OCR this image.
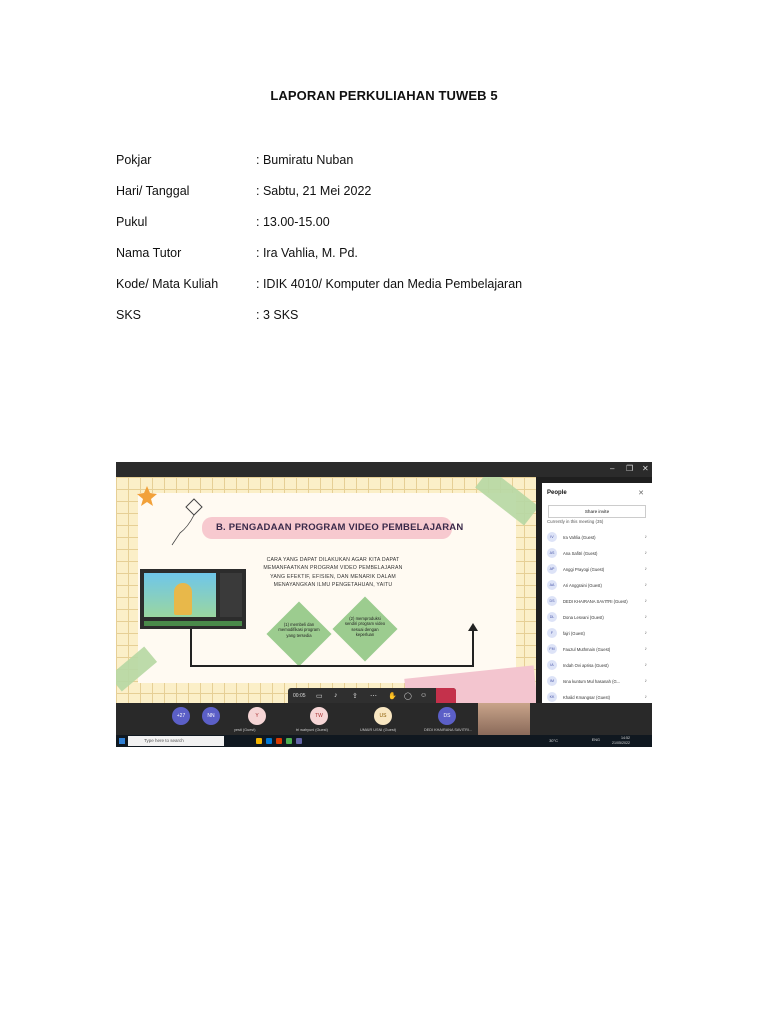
LAPORAN PERKULIAHAN TUWEB 5
Pokjar	: Bumiratu Nuban
Hari/ Tanggal	: Sabtu, 21 Mei 2022
Pukul	: 13.00-15.00
Nama Tutor	: Ira Vahlia, M. Pd.
Kode/ Mata Kuliah	: IDIK 4010/ Komputer dan Media Pembelajaran
SKS	: 3 SKS
– ❐ ✕
B. PENGADAAN PROGRAM VIDEO PEMBELAJARAN
CARA YANG DAPAT DILAKUKAN AGAR KITA DAPAT MEMANFAATKAN PROGRAM VIDEO PEMBELAJARAN YANG EFEKTIF, EFISIEN, DAN MENARIK DALAM MENAYANGKAN ILMU PENGETAHUAN, YAITU
(1) membeli dan memodifikasi program yang tersedia
(2) memproduksi sendiri program video sesuai dengan keperluan
00:05 ▭ ♪ ⇪ ⋯ ✋ ◯ ☺
People	✕
Share invite
Currently in this meeting (35)
IV	Ira Vahlia (Guest)	♪
AS	Ana Safitri (Guest)	♪
AP	Anggi Prayogi (Guest)	♪
AA	Ari Anggraini (Guest)	♪
DS	DEDI KHAIRANA SAVITRI (Guest)	♪
DL	Dona Lesvani (Guest)	♪
F	fajri (Guest)	♪
FM	Fauzul Muthmain (Guest)	♪
IA	Indah Ovi aprisa (Guest)	♪
IM	Isna kuntum Mul hasanah (G...	♪
KK	Khalid Kmangsar (Guest)	♪
+27	NN	Y
yesti (Guest)
TW
tri wahyuni (Guest)
US
UMAIR USNI (Guest)
DS
DEDI KHAIRANA SAVITRI...
Type here to search	30°C	ENG	14:52
21/05/2022
